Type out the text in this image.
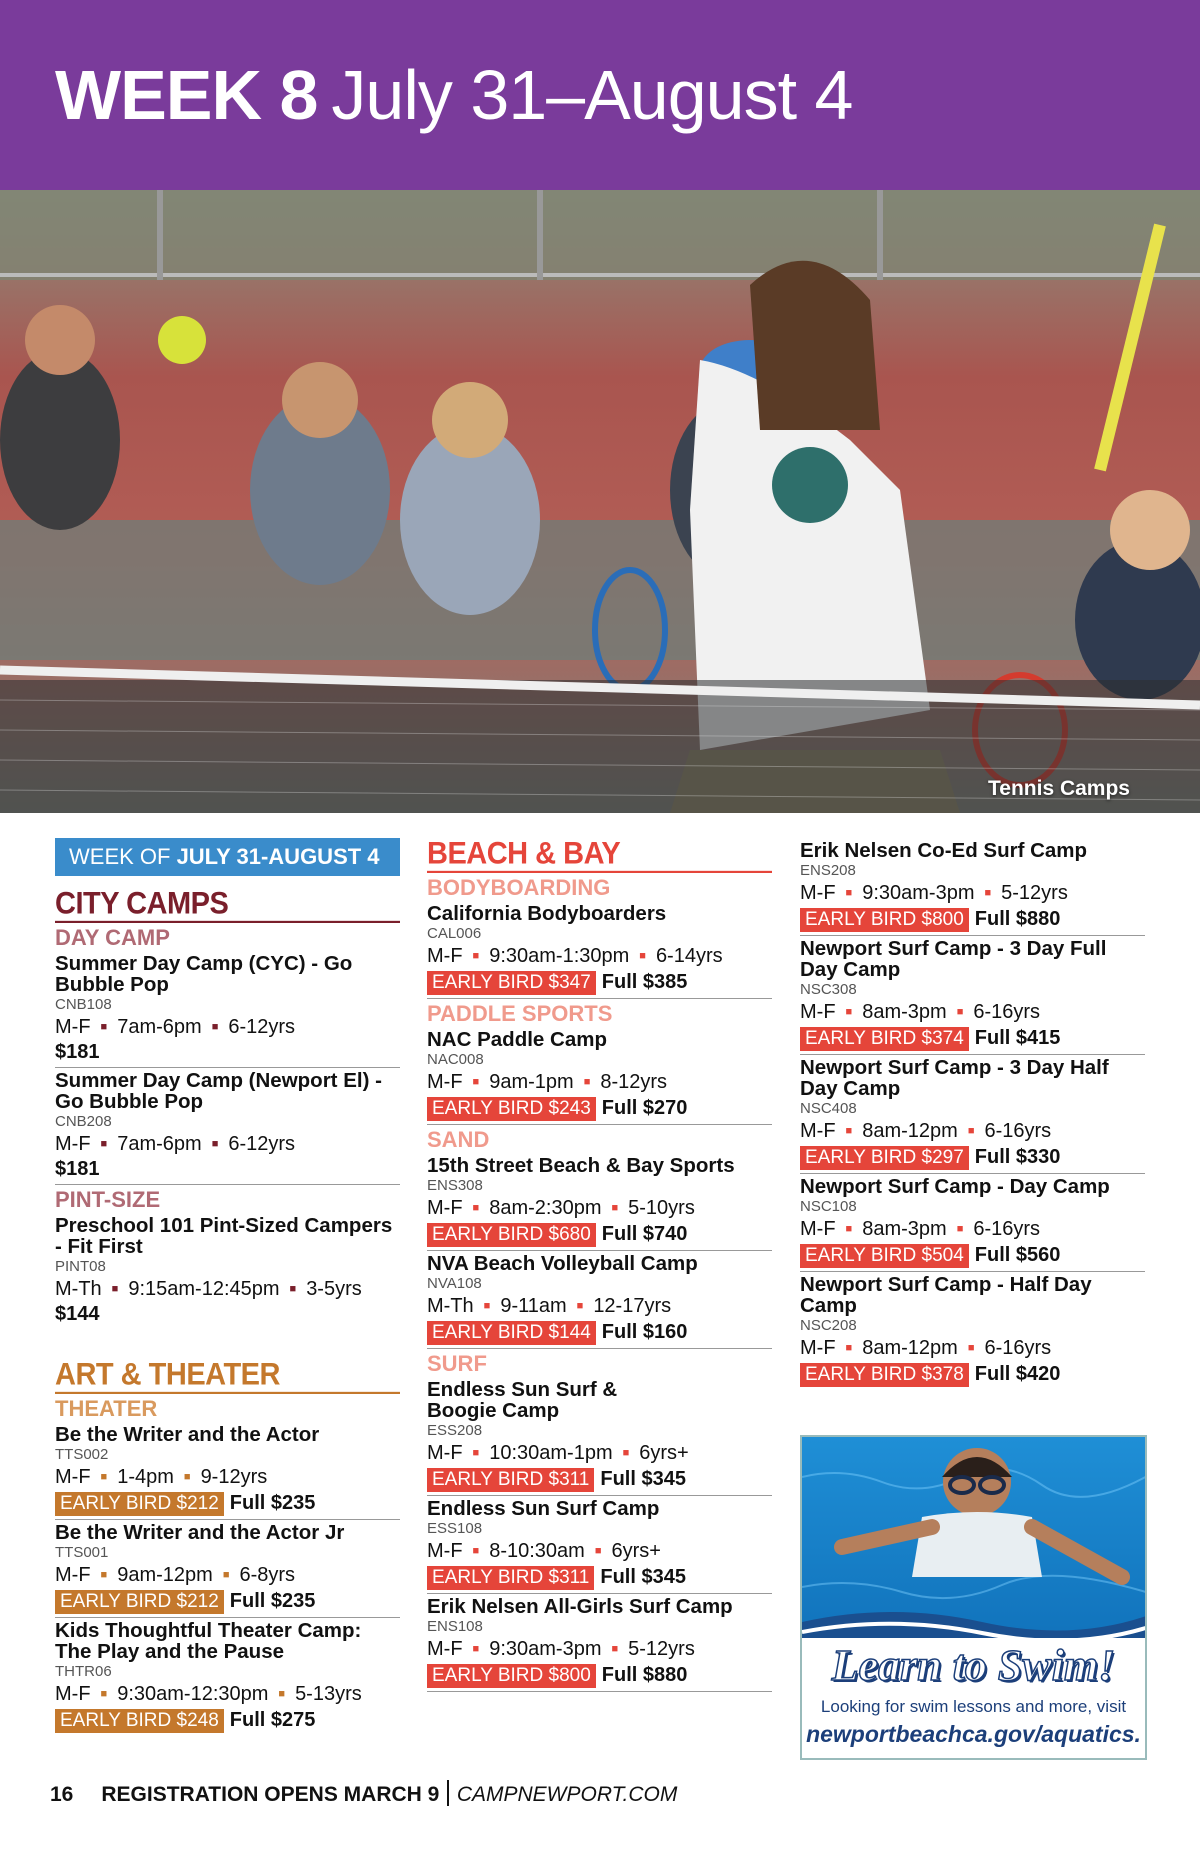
WEEK 8 July 31–August 4
Tennis Camps
WEEK OF JULY 31-AUGUST 4
CITY CAMPS
DAY CAMP
Summer Day Camp (CYC) - Go Bubble Pop
CNB108
M-F ■ 7am-6pm ■ 6-12yrs
$181
Summer Day Camp (Newport El) - Go Bubble Pop
CNB208
M-F ■ 7am-6pm ■ 6-12yrs
$181
PINT-SIZE
Preschool 101 Pint-Sized Campers - Fit First
PINT08
M-Th ■ 9:15am-12:45pm ■ 3-5yrs
$144
ART & THEATER
THEATER
Be the Writer and the Actor
TTS002
M-F ■ 1-4pm ■ 9-12yrs
EARLY BIRD $212 Full $235
Be the Writer and the Actor Jr
TTS001
M-F ■ 9am-12pm ■ 6-8yrs
EARLY BIRD $212 Full $235
Kids Thoughtful Theater Camp: The Play and the Pause
THTR06
M-F ■ 9:30am-12:30pm ■ 5-13yrs
EARLY BIRD $248 Full $275
BEACH & BAY
BODYBOARDING
California Bodyboarders
CAL006
M-F ■ 9:30am-1:30pm ■ 6-14yrs
EARLY BIRD $347 Full $385
PADDLE SPORTS
NAC Paddle Camp
NAC008
M-F ■ 9am-1pm ■ 8-12yrs
EARLY BIRD $243 Full $270
SAND
15th Street Beach & Bay Sports
ENS308
M-F ■ 8am-2:30pm ■ 5-10yrs
EARLY BIRD $680 Full $740
NVA Beach Volleyball Camp
NVA108
M-Th ■ 9-11am ■ 12-17yrs
EARLY BIRD $144 Full $160
SURF
Endless Sun Surf & Boogie Camp
ESS208
M-F ■ 10:30am-1pm ■ 6yrs+
EARLY BIRD $311 Full $345
Endless Sun Surf Camp
ESS108
M-F ■ 8-10:30am ■ 6yrs+
EARLY BIRD $311 Full $345
Erik Nelsen All-Girls Surf Camp
ENS108
M-F ■ 9:30am-3pm ■ 5-12yrs
EARLY BIRD $800 Full $880
Erik Nelsen Co-Ed Surf Camp
ENS208
M-F ■ 9:30am-3pm ■ 5-12yrs
EARLY BIRD $800 Full $880
Newport Surf Camp - 3 Day Full Day Camp
NSC308
M-F ■ 8am-3pm ■ 6-16yrs
EARLY BIRD $374 Full $415
Newport Surf Camp - 3 Day Half Day Camp
NSC408
M-F ■ 8am-12pm ■ 6-16yrs
EARLY BIRD $297 Full $330
Newport Surf Camp - Day Camp
NSC108
M-F ■ 8am-3pm ■ 6-16yrs
EARLY BIRD $504 Full $560
Newport Surf Camp - Half Day Camp
NSC208
M-F ■ 8am-12pm ■ 6-16yrs
EARLY BIRD $378 Full $420
Learn to Swim!
Looking for swim lessons and more, visit
newportbeachca.gov/aquatics.
16 REGISTRATION OPENS MARCH 9 CAMPNEWPORT.COM
